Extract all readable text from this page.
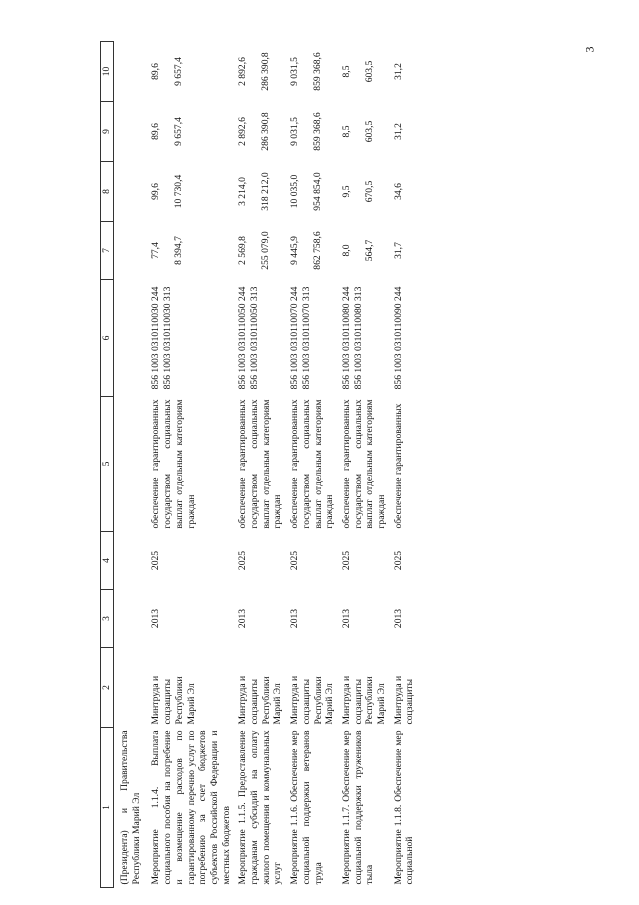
3
1	2	3	4	5	6	7	8	9	10
(Президента) и Правительства Республики Марий Эл									
Мероприятие 1.1.4. Выплата социального пособия на погребение и возмещение расходов по гарантированному перечню услуг по погребению за счет бюджетов субъектов Российской Федерации и местных бюджетов	Минтруда и соцзащиты Республики Марий Эл	2013	2025	обеспечение гарантированных государством социальных выплат отдельным категориям граждан	856 1003 0310110030 244 856 1003 0310110030 313	77,4 8 394,7	99,6 10 730,4	89,6 9 657,4	89,6 9 657,4

Мероприятие 1.1.5. Предоставление гражданам субсидий на оплату жилого помещения и коммунальных услуг	Минтруда и соцзащиты Республики Марий Эл	2013	2025	обеспечение гарантированных государством социальных выплат отдельным категориям граждан	856 1003 0310110050 244 856 1003 0310110050 313	2 569,8 255 079,0	3 214,0 318 212,0	2 892,6 286 390,8	2 892,6 286 390,8

Мероприятие 1.1.6. Обеспечение мер социальной поддержки ветеранов труда	Минтруда и соцзащиты Республики Марий Эл	2013	2025	обеспечение гарантированных государством социальных выплат отдельным категориям граждан	856 1003 0310110070 244 856 1003 0310110070 313	9 445,9 862 758,6	10 035,0 954 854,0	9 031,5 859 368,6	9 031,5 859 368,6

Мероприятие 1.1.7. Обеспечение мер социальной поддержки тружеников тыла	Минтруда и соцзащиты Республики Марий Эл	2013	2025	обеспечение гарантированных государством социальных выплат отдельным категориям граждан	856 1003 0310110080 244 856 1003 0310110080 313	8,0 564,7	9,5 670,5	8,5 603,5	8,5 603,5

Мероприятие 1.1.8. Обеспечение мер социальной	Минтруда и соцзащиты	2013	2025	обеспечение гарантированных	856 1003 0310110090 244	31,7	34,6	31,2	31,2
